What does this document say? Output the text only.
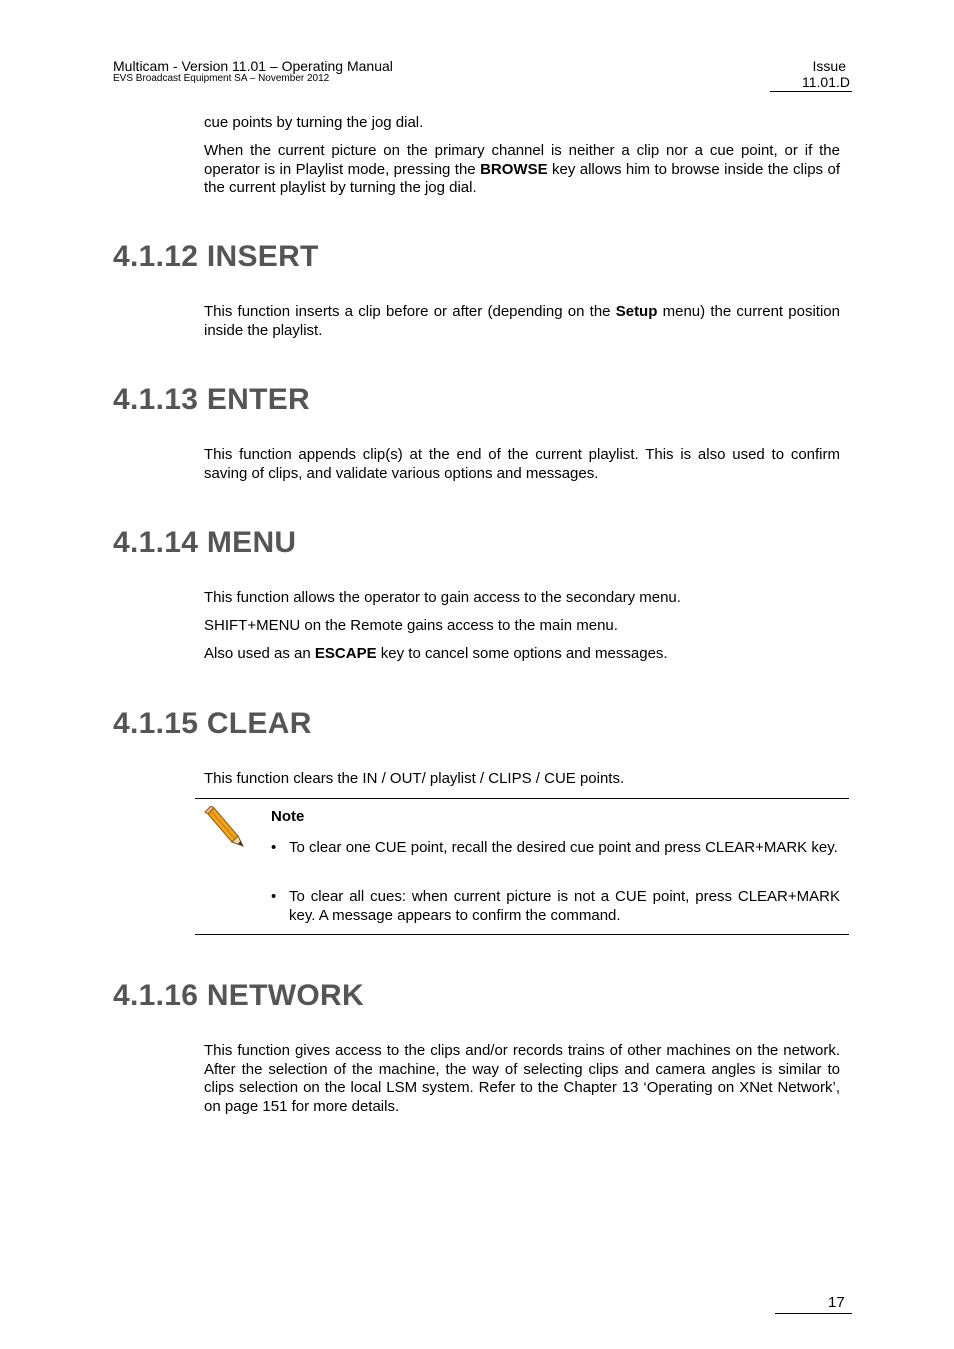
Multicam - Version 11.01 – Operating Manual
EVS Broadcast Equipment SA – November 2012
Issue
11.01.D

cue points by turning the jog dial.

When the current picture on the primary channel is neither a clip nor a cue point, or if the operator is in Playlist mode, pressing the BROWSE key allows him to browse inside the clips of the current playlist by turning the jog dial.

4.1.12 INSERT

This function inserts a clip before or after (depending on the Setup menu) the current position inside the playlist.

4.1.13 ENTER

This function appends clip(s) at the end of the current playlist. This is also used to confirm saving of clips, and validate various options and messages.

4.1.14 MENU

This function allows the operator to gain access to the secondary menu.

SHIFT+MENU on the Remote gains access to the main menu.

Also used as an ESCAPE key to cancel some options and messages.

4.1.15 CLEAR

This function clears the IN / OUT/ playlist / CLIPS / CUE points.

Note
• To clear one CUE point, recall the desired cue point and press CLEAR+MARK key.
• To clear all cues: when current picture is not a CUE point, press CLEAR+MARK key. A message appears to confirm the command.
4.1.16 NETWORK

This function gives access to the clips and/or records trains of other machines on the network. After the selection of the machine, the way of selecting clips and camera angles is similar to clips selection on the local LSM system. Refer to the Chapter 13 ‘Operating on XNet Network’, on page 151 for more details.

17
